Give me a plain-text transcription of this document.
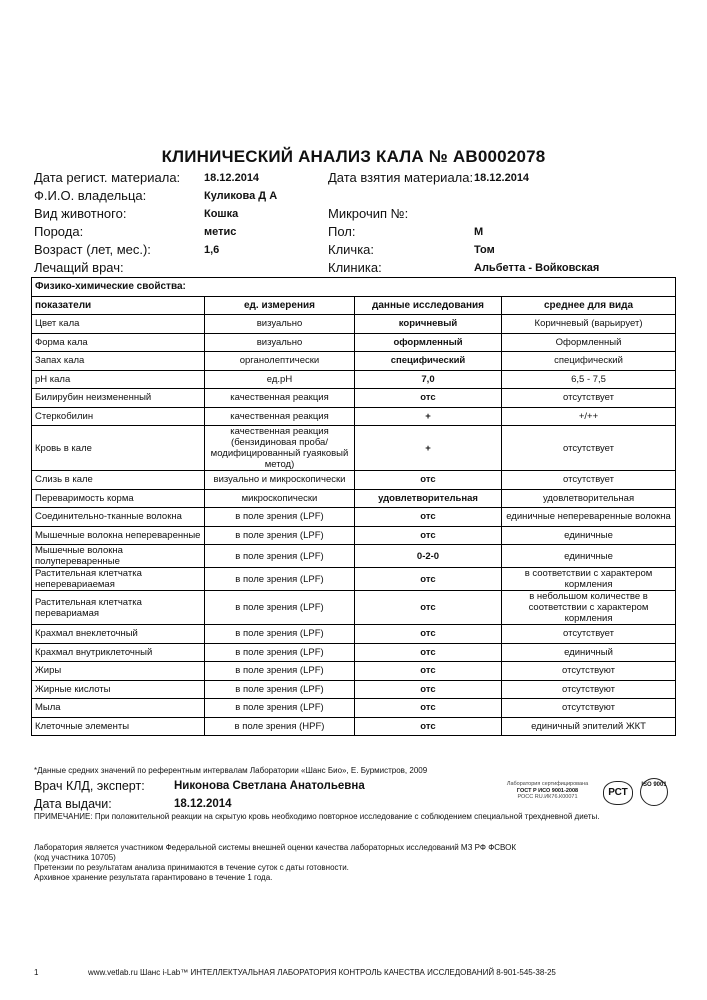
КЛИНИЧЕСКИЙ АНАЛИЗ КАЛА № AB0002078
Дата регист. материала: 18.12.2014	Дата взятия материала: 18.12.2014
Ф.И.О. владельца:	Куликова Д А
Вид животного:	Кошка	Микрочип №:
Порода:	метис	Пол:	М
Возраст (лет, мес.):	1,6	Кличка:	Том
Лечащий врач:	Клиника:	Альбетта - Войковская
Физико-химические свойства:			
показатели	ед. измерения	данные исследования	среднее для вида
Цвет кала	визуально	коричневый	Коричневый (варьирует)
Форма кала	визуально	оформленный	Оформленный
Запах кала	органолептически	специфический	специфический
pH кала	ед.pH	7,0	6,5 - 7,5
Билирубин неизмененный	качественная реакция	отс	отсутствует
Стеркобилин	качественная реакция	+	+/++
Кровь в кале	качественная реакция (бензидиновая проба/модифицированный гуаяковый метод)	+	отсутствует
Слизь в кале	визуально и микроскопически	отс	отсутствует
Переваримость корма	микроскопически	удовлетворительная	удовлетворительная
Соединительно-тканные волокна	в поле зрения (LPF)	отс	единичные непереваренные волокна
Мышечные волокна непереваренные	в поле зрения (LPF)	отс	единичные
Мышечные волокна полупереваренные	в поле зрения (LPF)	0-2-0	единичные
Растительная клетчатка неперевариаемая	в поле зрения (LPF)	отс	в соответствии с характером кормления
Растительная клетчатка перевариамая	в поле зрения (LPF)	отс	в небольшом количестве в соответствии с характером кормления
Крахмал внеклеточный	в поле зрения (LPF)	отс	отсутствует
Крахмал внутриклеточный	в поле зрения (LPF)	отс	единичный
Жиры	в поле зрения (LPF)	отс	отсутствуют
Жирные кислоты	в поле зрения (LPF)	отс	отсутствуют
Мыла	в поле зрения (LPF)	отс	отсутствуют
Клеточные элементы	в поле зрения (HPF)	отс	единичный эпителий ЖКТ
*Данные средних значений по референтным интервалам Лаборатории «Шанс Био», Е. Бурмистров, 2009
Врач КЛД, эксперт:	Никонова Светлана Анатольевна
Дата выдачи:	18.12.2014
Лаборатория сертифицирована
ГОСТ Р ИСО 9001-2008
РОСС RU.ИК76.К00071	РСТ
ISO 9001
ПРИМЕЧАНИЕ: При положительной реакции на скрытую кровь необходимо повторное исследование с соблюдением специальной трехдневной диеты.
Лаборатория является участником Федеральной системы внешней оценки качества лабораторных исследований МЗ РФ ФСВОК
(код участника 10705)
Претензии по результатам анализа принимаются в течение суток с даты готовности.
Архивное хранение результата гарантировано в течение 1 года.
1	www.vetlab.ru Шанс i-Lab™ ИНТЕЛЛЕКТУАЛЬНАЯ ЛАБОРАТОРИЯ КОНТРОЛЬ КАЧЕСТВА ИССЛЕДОВАНИЙ 8-901-545-38-25
